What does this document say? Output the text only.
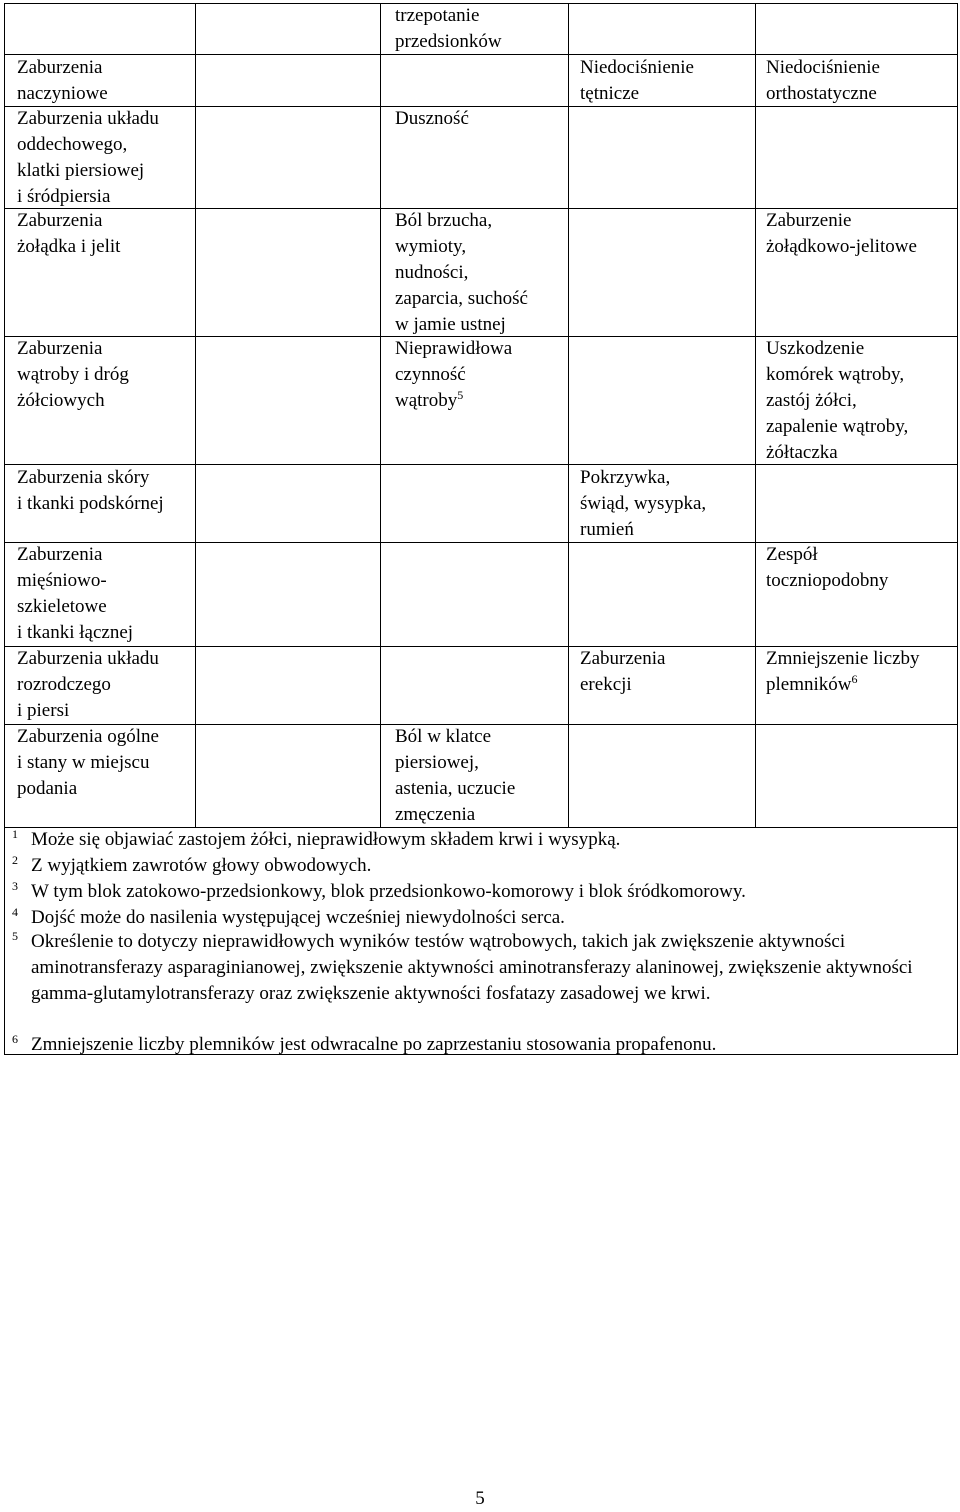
trzepotanie
przedsionków
Zaburzenia
naczyniowe
Niedociśnienie
tętnicze
Niedociśnienie
orthostatyczne
Zaburzenia układu
oddechowego,
klatki piersiowej
i śródpiersia
Duszność
Zaburzenia
żołądka i jelit
Ból brzucha,
wymioty,
nudności,
zaparcia, suchość
w jamie ustnej
Zaburzenie
żołądkowo-jelitowe
Zaburzenia
wątroby i dróg
żółciowych
Nieprawidłowa
czynność
wątroby$^5$
Uszkodzenie
komórek wątroby,
zastój żółci,
zapalenie wątroby,
żółtaczka
Zaburzenia skóry
i tkanki podskórnej
Pokrzywka,
świąd, wysypka,
rumień
Zaburzenia
mięśniowo-
szkieletowe
i tkanki łącznej
Zespół
toczniopodobny
Zaburzenia układu
rozrodczego
i piersi
Zaburzenia
erekcji
Zmniejszenie liczby
plemników$^6$
Zaburzenia ogólne
i stany w miejscu
podania
Ból w klatce
piersiowej,
astenia, uczucie
zmęczenia

$^1$ Może się objawiać zastojem żółci, nieprawidłowym składem krwi i wysypką.

$^2$ Z wyjątkiem zawrotów głowy obwodowych.

$^3$ W tym blok zatokowo-przedsionkowy, blok przedsionkowo-komorowy i blok śródkomorowy.

$^4$ Dojść może do nasilenia występującej wcześniej niewydolności serca.

$^5$ Określenie to dotyczy nieprawidłowych wyników testów wątrobowych, takich jak zwiększenie aktywności aminotransferazy asparaginianowej, zwiększenie aktywności aminotransferazy alaninowej, zwiększenie aktywności gamma-glutamylotransferazy oraz zwiększenie aktywności fosfatazy zasadowej we krwi.

$^6$ Zmniejszenie liczby plemników jest odwracalne po zaprzestaniu stosowania propafenonu.

5
